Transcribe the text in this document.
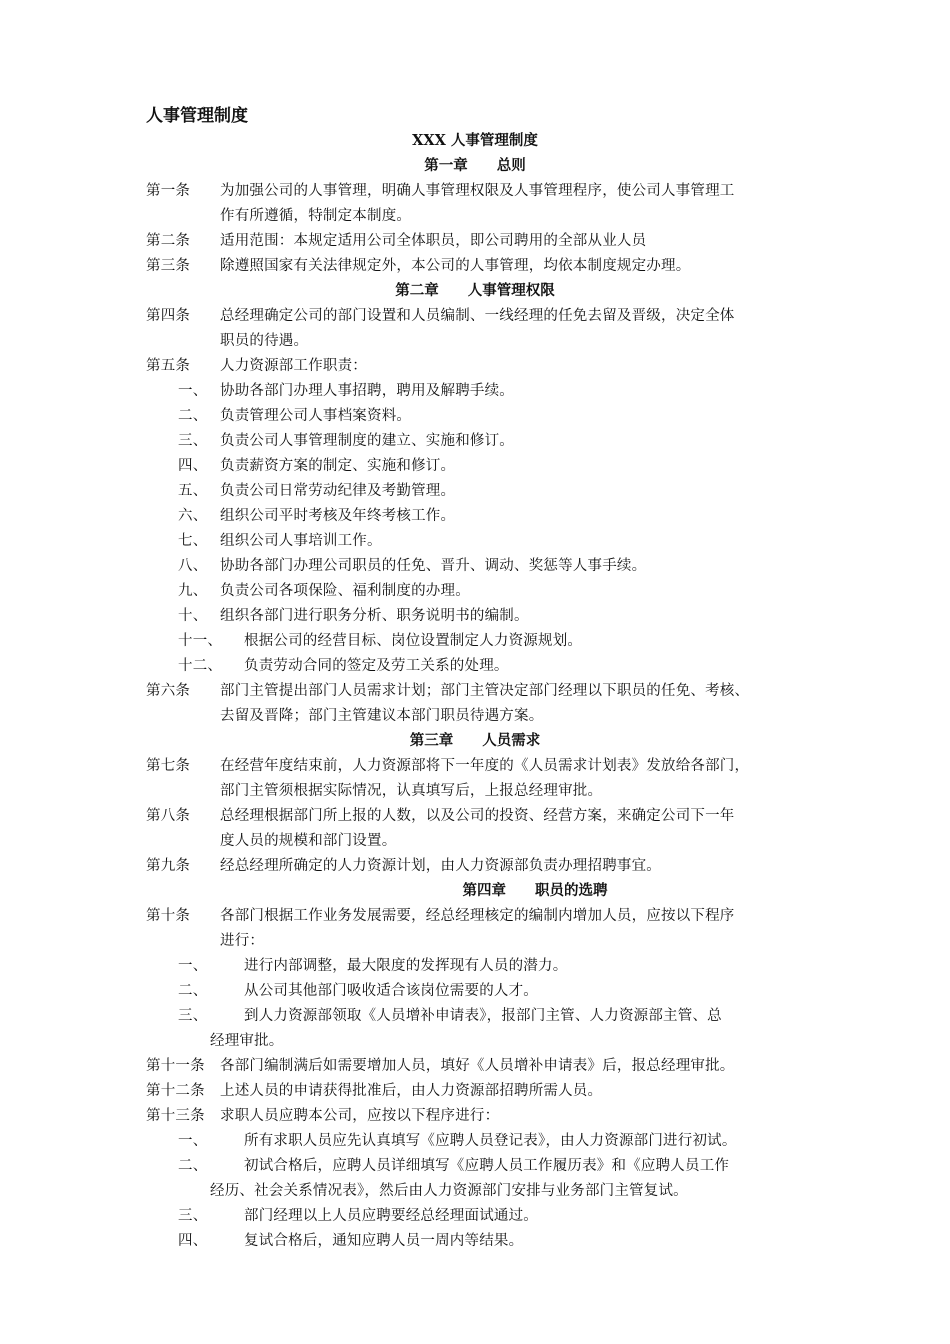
人事管理制度
XXX 人事管理制度
第一章　　总则
第一条 为加强公司的人事管理，明确人事管理权限及人事管理程序，使公司人事管理工
作有所遵循，特制定本制度。
第二条 适用范围：本规定适用公司全体职员，即公司聘用的全部从业人员
第三条 除遵照国家有关法律规定外，本公司的人事管理，均依本制度规定办理。
第二章　　人事管理权限
第四条 总经理确定公司的部门设置和人员编制、一线经理的任免去留及晋级，决定全体
职员的待遇。
第五条 人力资源部工作职责：
一、 协助各部门办理人事招聘，聘用及解聘手续。
二、 负责管理公司人事档案资料。
三、 负责公司人事管理制度的建立、实施和修订。
四、 负责薪资方案的制定、实施和修订。
五、 负责公司日常劳动纪律及考勤管理。
六、 组织公司平时考核及年终考核工作。
七、 组织公司人事培训工作。
八、 协助各部门办理公司职员的任免、晋升、调动、奖惩等人事手续。
九、 负责公司各项保险、福利制度的办理。
十、 组织各部门进行职务分析、职务说明书的编制。
十一、 根据公司的经营目标、岗位设置制定人力资源规划。
十二、 负责劳动合同的签定及劳工关系的处理。
第六条 部门主管提出部门人员需求计划；部门主管决定部门经理以下职员的任免、考核、
去留及晋降；部门主管建议本部门职员待遇方案。
第三章　　人员需求
第七条 在经营年度结束前，人力资源部将下一年度的《人员需求计划表》发放给各部门，
部门主管须根据实际情况，认真填写后，上报总经理审批。
第八条 总经理根据部门所上报的人数，以及公司的投资、经营方案，来确定公司下一年
度人员的规模和部门设置。
第九条 经总经理所确定的人力资源计划，由人力资源部负责办理招聘事宜。
第四章　　职员的选聘
第十条 各部门根据工作业务发展需要，经总经理核定的编制内增加人员，应按以下程序
进行：
一、	进行内部调整，最大限度的发挥现有人员的潜力。
二、	从公司其他部门吸收适合该岗位需要的人才。
三、	到人力资源部领取《人员增补申请表》，报部门主管、人力资源部主管、总
经理审批。
第十一条 各部门编制满后如需要增加人员，填好《人员增补申请表》后，报总经理审批。
第十二条 上述人员的申请获得批准后，由人力资源部招聘所需人员。
第十三条 求职人员应聘本公司，应按以下程序进行：
一、	所有求职人员应先认真填写《应聘人员登记表》，由人力资源部门进行初试。
二、	初试合格后，应聘人员详细填写《应聘人员工作履历表》和《应聘人员工作
经历、社会关系情况表》，然后由人力资源部门安排与业务部门主管复试。
三、	部门经理以上人员应聘要经总经理面试通过。
四、	复试合格后，通知应聘人员一周内等结果。
